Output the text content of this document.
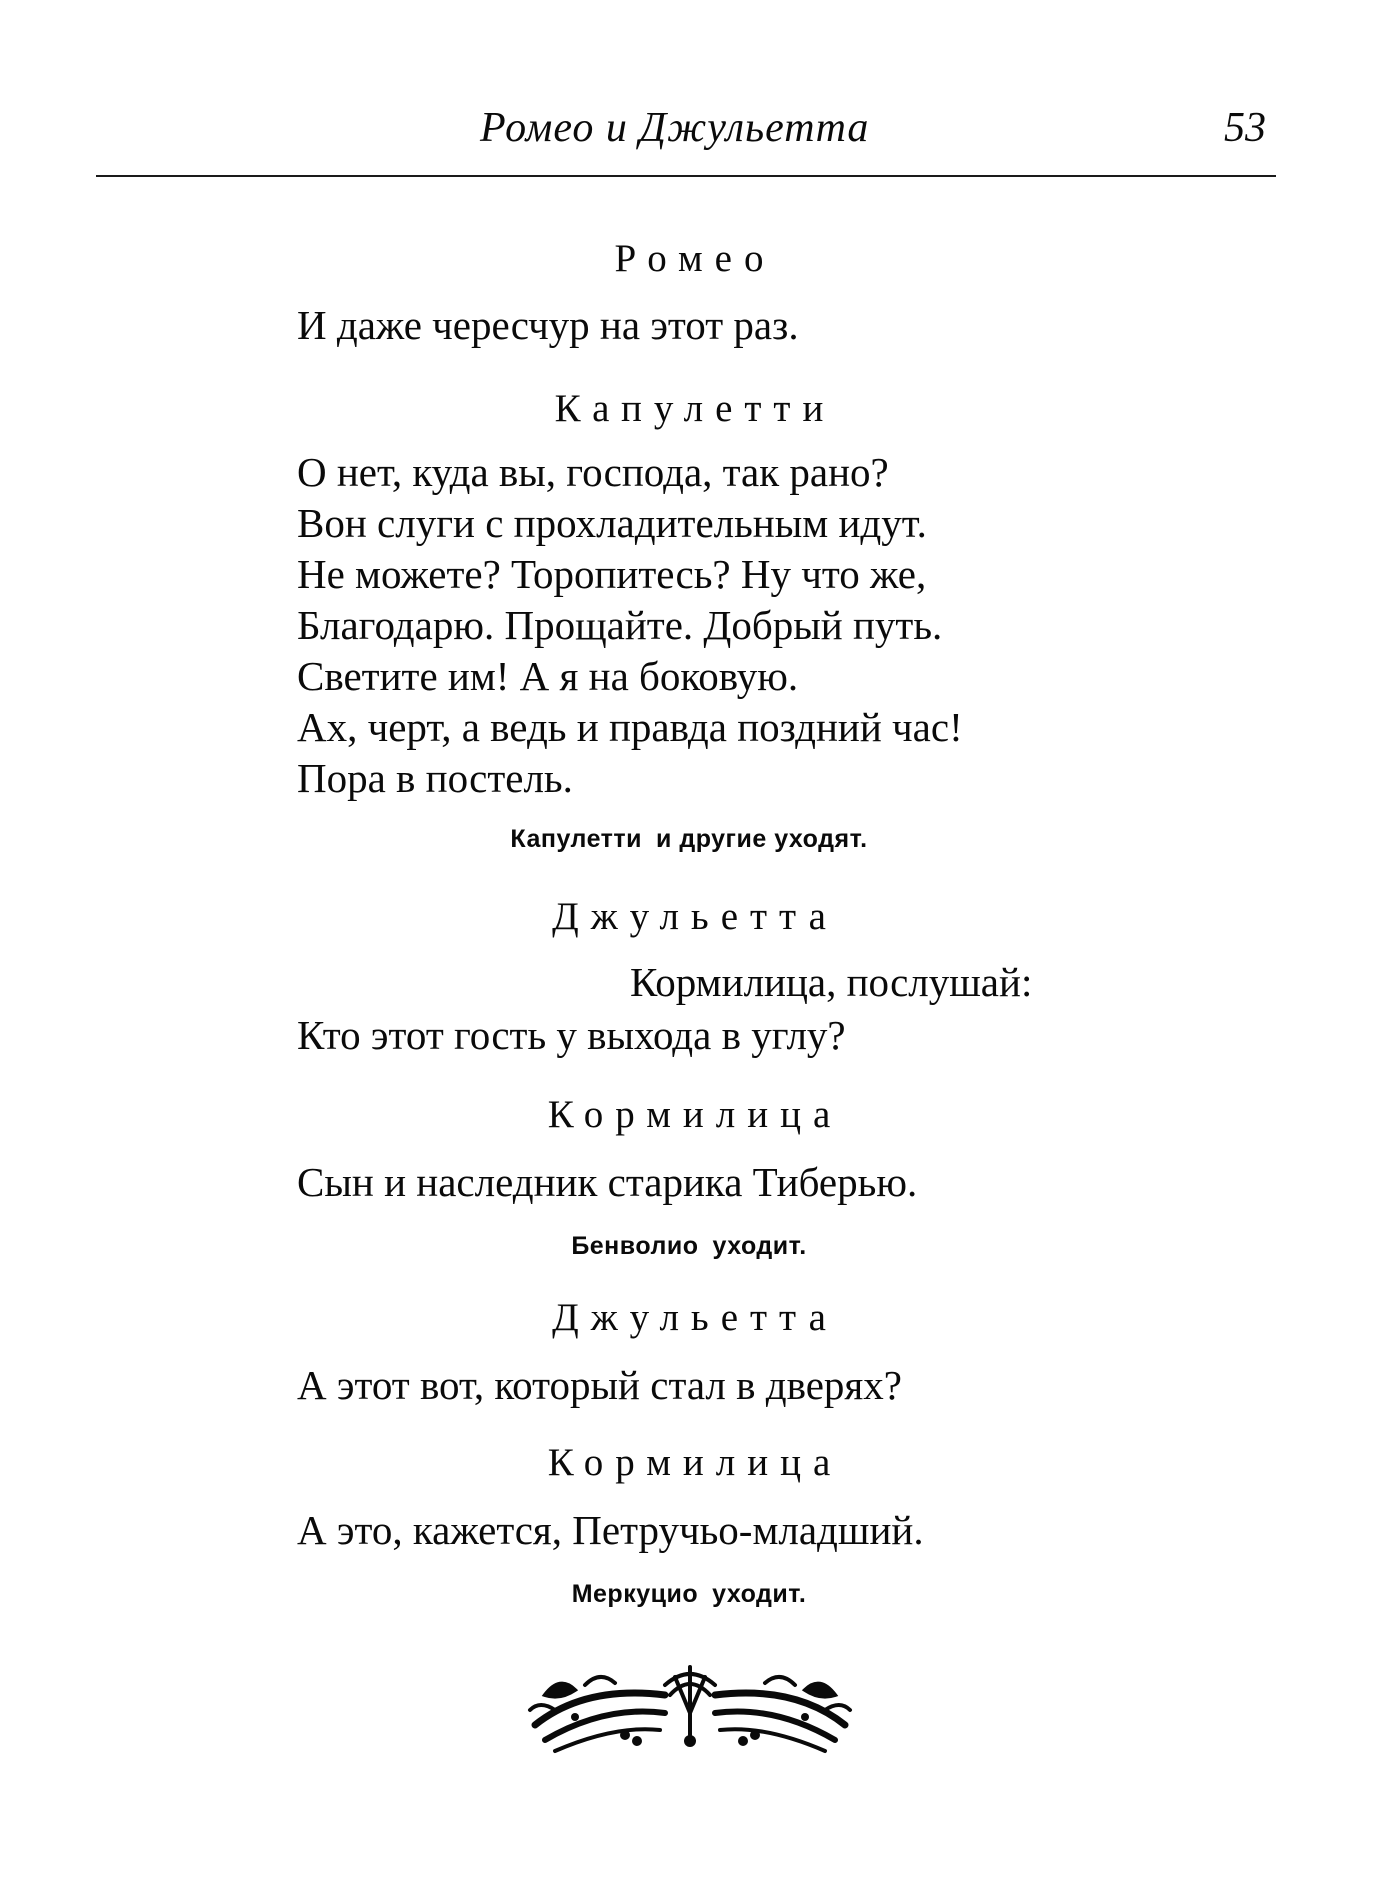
Ромео и Джульетта	53
Ромео
И даже чересчур на этот раз.
Капулетти
О нет, куда вы, господа, так рано?
Вон слуги с прохладительным идут.
Не можете? Торопитесь? Ну что же,
Благодарю. Прощайте. Добрый путь.
Светите им! А я на боковую.
Ах, черт, а ведь и правда поздний час!
Пора в постель.
Капулетти и другие уходят.
Джульетта
Кормилица, послушай:
Кто этот гость у выхода в углу?
Кормилица
Сын и наследник старика Тиберью.
Бенволио уходит.
Джульетта
А этот вот, который стал в дверях?
Кормилица
А это, кажется, Петручьо-младший.
Меркуцио уходит.
